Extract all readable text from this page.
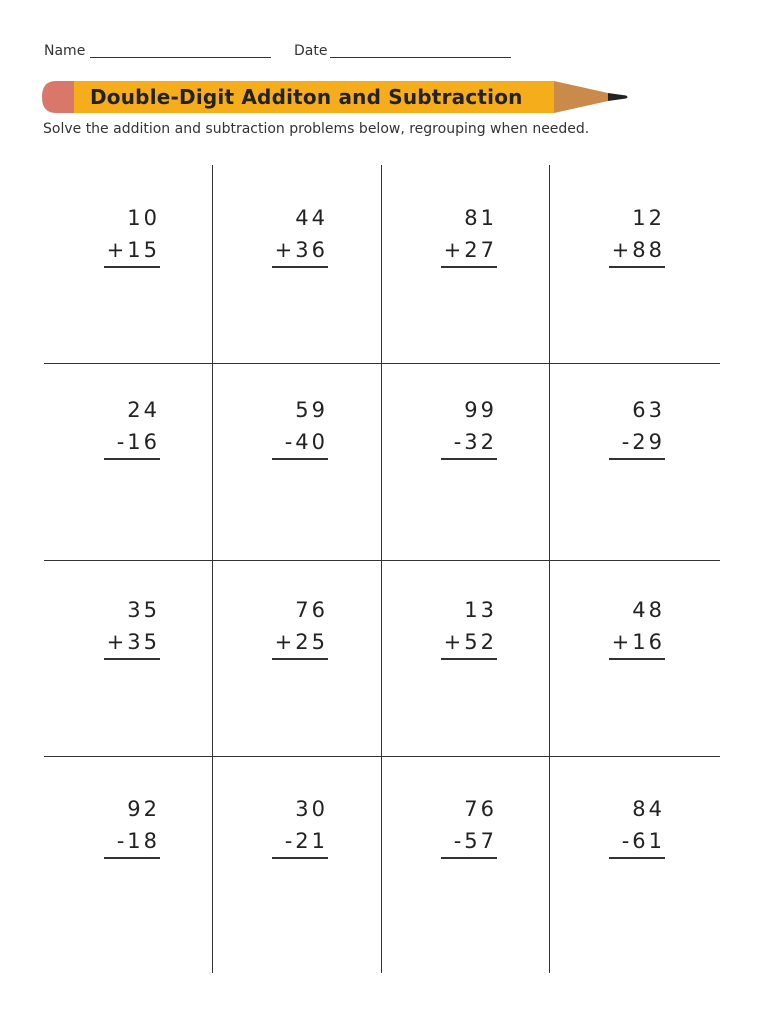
Name	Date
Double-Digit Additon and Subtraction
Solve the addition and subtraction problems below, regrouping when needed.
10
+15
44
+36
81
+27
12
+88
24
-16
59
-40
99
-32
63
-29
35
+35
76
+25
13
+52
48
+16
92
-18
30
-21
76
-57
84
-61
